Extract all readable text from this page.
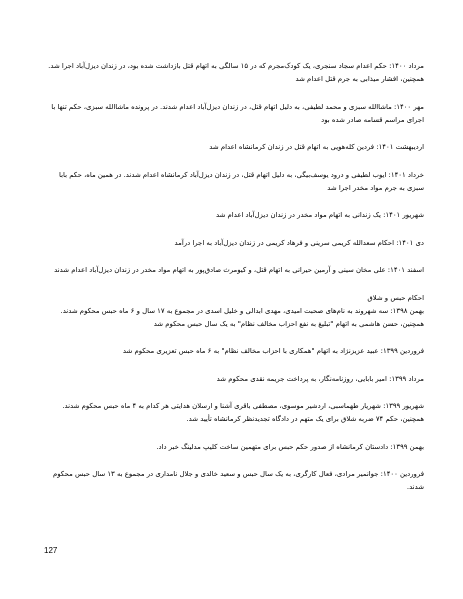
مرداد ۱۴۰۰: حکم اعدام سجاد سنجری، یک کودک‌مجرم که در ۱۵ سالگی به اتهام قتل بازداشت شده بود، در زندان دیزل‌آباد اجرا شد. همچنین، افشار میذابی به جرم قتل اعدام شد

مهر ۱۴۰۰: ماشاالله سبزی و محمد لطیفی، به دلیل اتهام قتل، در زندان دیزل‌آباد اعدام شدند. در پرونده ماشاالله سبزی، حکم تنها با اجرای مراسم قسامه صادر شده بود

اردیبهشت ۱۴۰۱: فردین کله‌هویی به اتهام قتل در زندان کرمانشاه اعدام شد

خرداد ۱۴۰۱: ایوب لطیفی و درود یوسف‌بیگی، به دلیل اتهام قتل، در زندان دیزل‌آباد کرمانشاه اعدام شدند. در همین ماه، حکم بابا سبزی به جرم مواد مخدر اجرا شد

شهریور ۱۴۰۱: یک زندانی به اتهام مواد مخدر در زندان دیزل‌آباد اعدام شد

دی ۱۴۰۱: احکام سعدالله کریمی سرینی و فرهاد کریمی در زندان دیزل‌آباد به اجرا درآمد

اسفند ۱۴۰۱: علی مخان سینی و آرمین حیرانی به اتهام قتل، و کیومرث صادق‌پور به اتهام مواد مخدر در زندان دیزل‌آباد اعدام شدند

احکام حبس و شلاق

بهمن ۱۳۹۸: سه شهروند به نام‌های صحبت امیدی، مهدی ابدالی و خلیل اسدی در مجموع به ۱۷ سال و ۶ ماه حبس محکوم شدند. همچنین، حسن هاشمی به اتهام "تبلیغ به نفع احزاب مخالف نظام" به یک سال حبس محکوم شد

فروردین ۱۳۹۹: عبید عزیزنژاد به اتهام "همکاری با احزاب مخالف نظام" به ۶ ماه حبس تعزیری محکوم شد

مرداد ۱۳۹۹: امیر بابایی، روزنامه‌نگار، به پرداخت جریمه نقدی محکوم شد

شهریور ۱۳۹۹: شهریار طهماسبی، اردشیر موسوی، مصطفی باقری آشنا و ارسلان هدایتی هر کدام به ۴ ماه حبس محکوم شدند. همچنین، حکم ۷۴ ضربه شلاق برای یک متهم در دادگاه تجدیدنظر کرمانشاه تأیید شد.

بهمن ۱۳۹۹: دادستان کرمانشاه از صدور حکم حبس برای متهمین ساخت کلیپ مدلینگ خبر داد.

فروردین ۱۴۰۰: جوانمیر مرادی، فعال کارگری، به یک سال حبس و سعید خالدی و جلال نامداری در مجموع به ۱۳ سال حبس محکوم شدند.

127
